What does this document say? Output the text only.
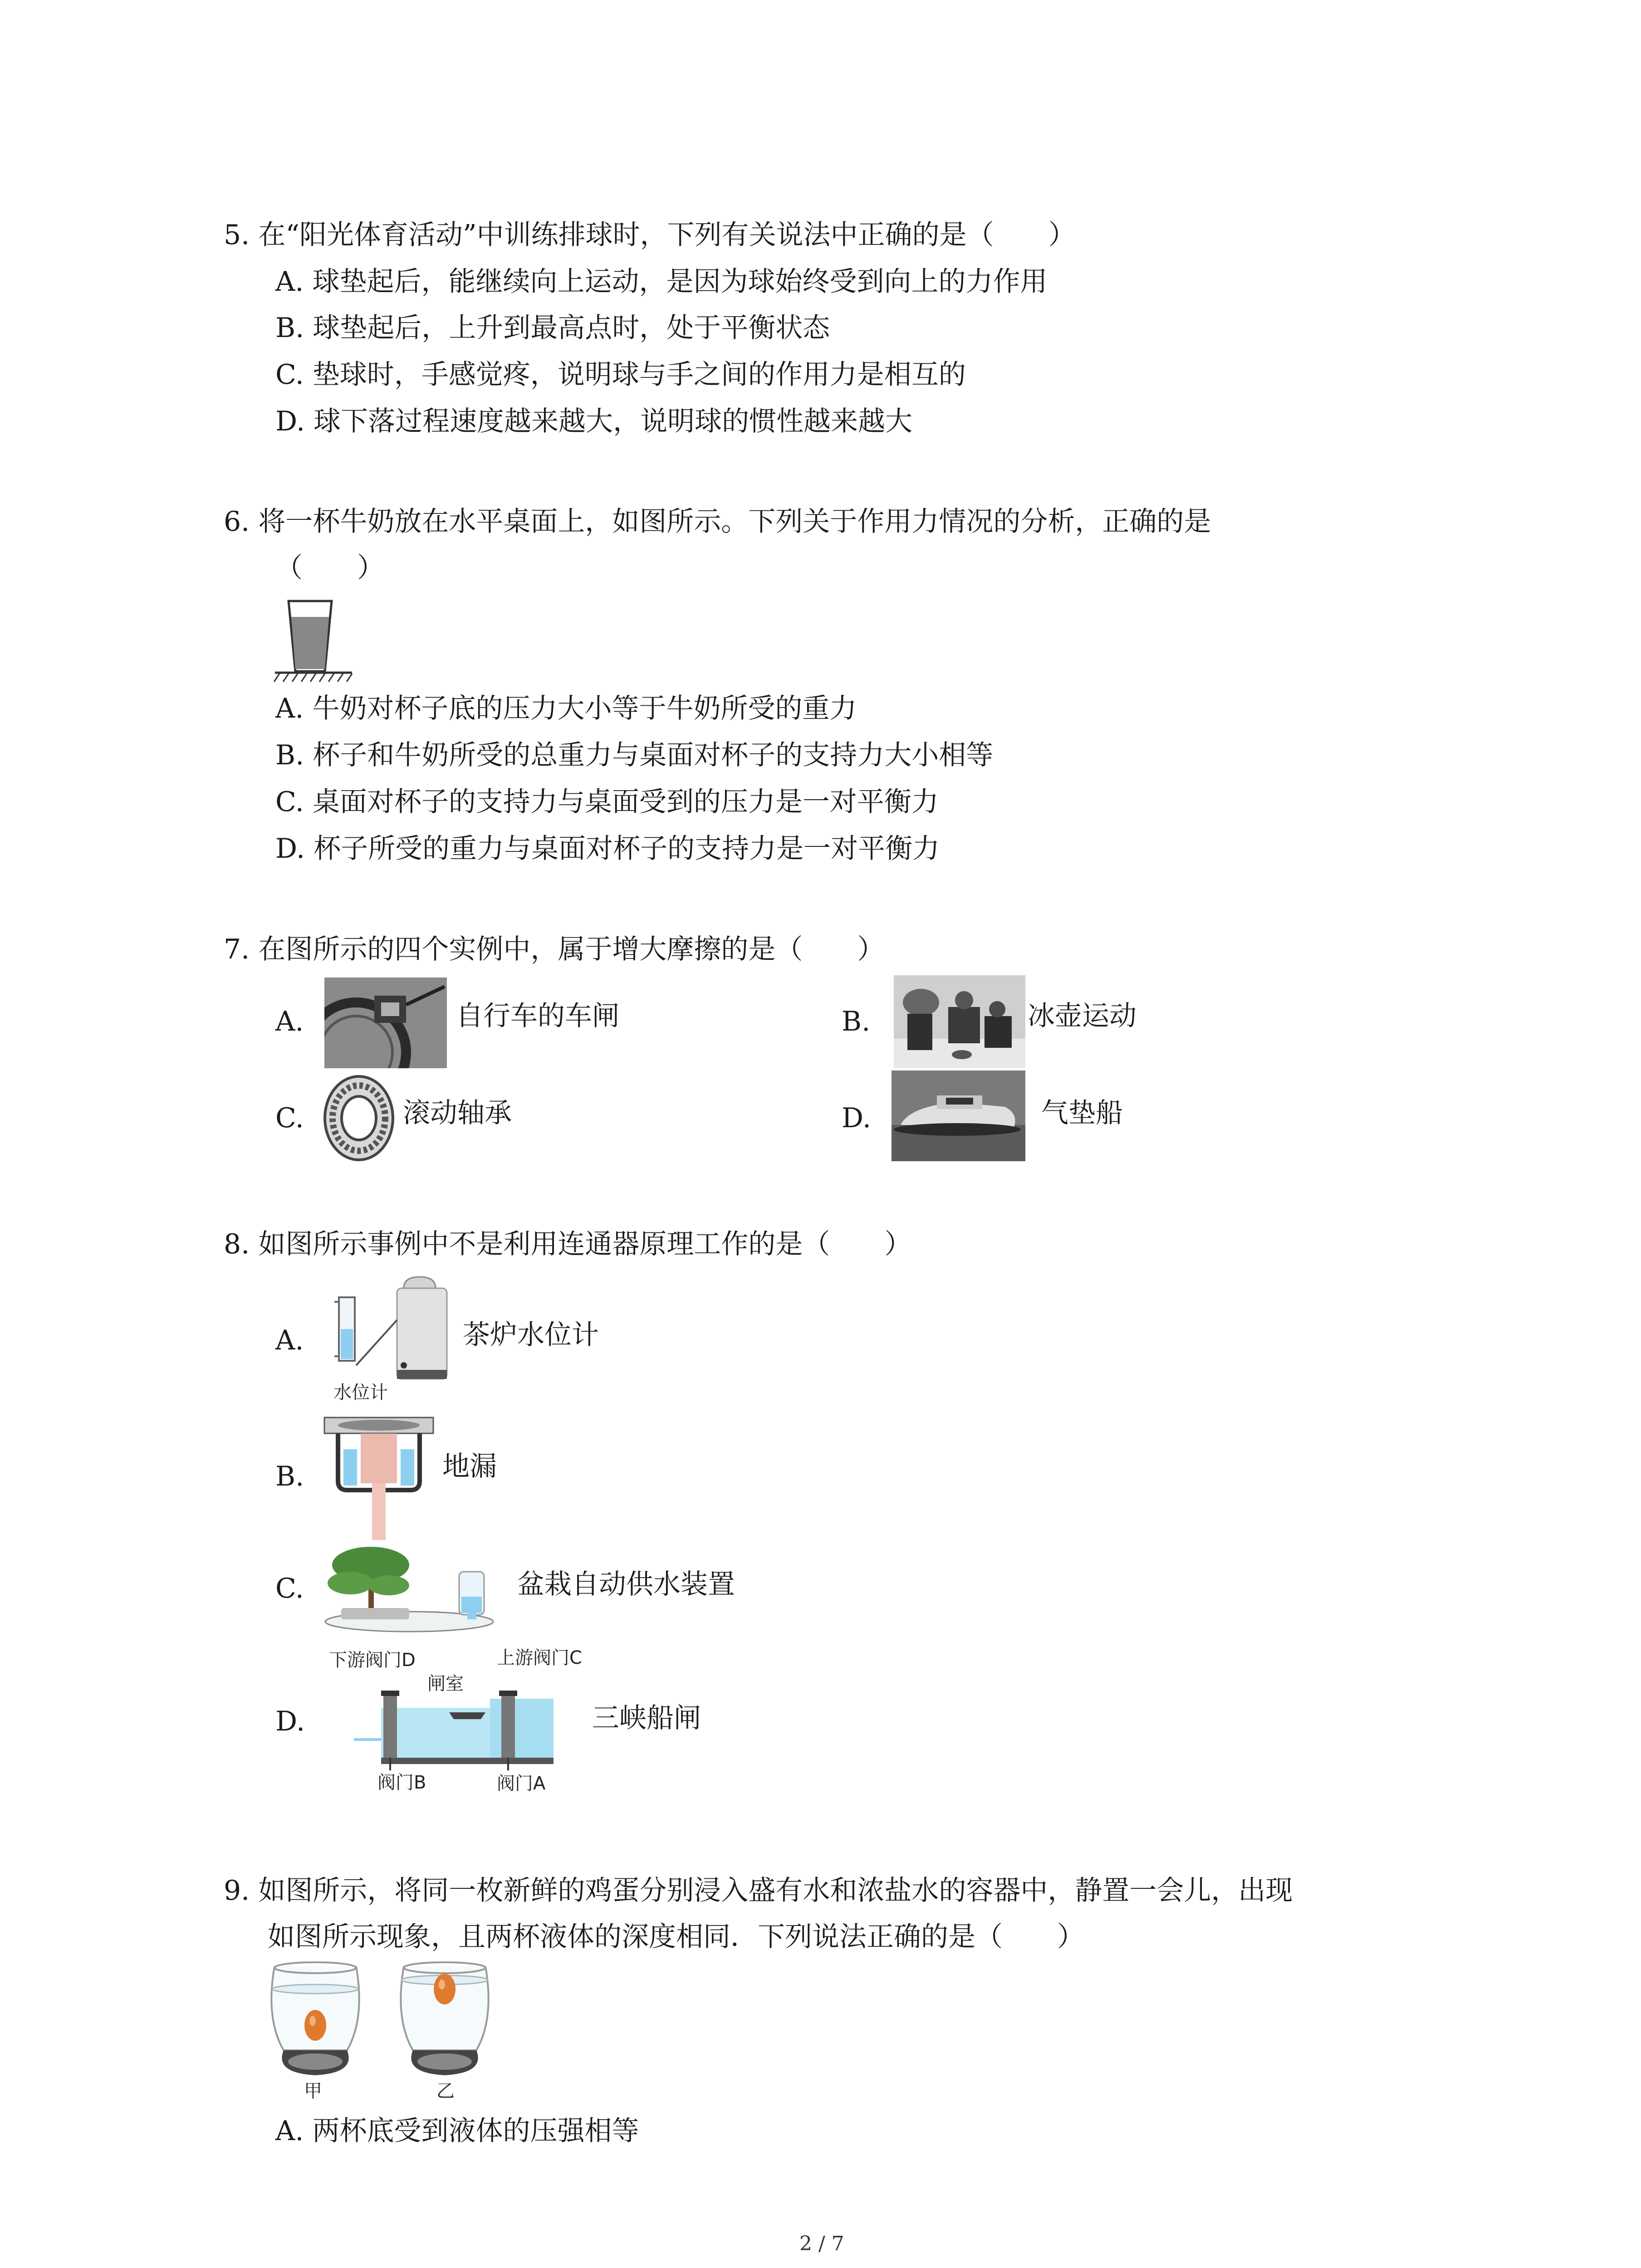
5. 在“阳光体育活动”中训练排球时，下列有关说法中正确的是（　　）
A. 球垫起后，能继续向上运动，是因为球始终受到向上的力作用
B. 球垫起后，上升到最高点时，处于平衡状态
C. 垫球时，手感觉疼，说明球与手之间的作用力是相互的
D. 球下落过程速度越来越大，说明球的惯性越来越大
6. 将一杯牛奶放在水平桌面上，如图所示。下列关于作用力情况的分析，正确的是
（　　）
A. 牛奶对杯子底的压力大小等于牛奶所受的重力
B. 杯子和牛奶所受的总重力与桌面对杯子的支持力大小相等
C. 桌面对杯子的支持力与桌面受到的压力是一对平衡力
D. 杯子所受的重力与桌面对杯子的支持力是一对平衡力
7. 在图所示的四个实例中，属于增大摩擦的是（　　）
A.	自行车的车闸	B.	冰壶运动
C.	滚动轴承	D.	气垫船
8. 如图所示事例中不是利用连通器原理工作的是（　　）
A.
水位计
茶炉水位计
B.	地漏
C.	盆栽自动供水装置
下游阀门D	上游阀门C
闸室
D.
阀门B	阀门A
三峡船闸
9. 如图所示，将同一枚新鲜的鸡蛋分别浸入盛有水和浓盐水的容器中，静置一会儿，出现
如图所示现象，且两杯液体的深度相同．下列说法正确的是（　　）
甲	乙
A. 两杯底受到液体的压强相等
2 / 7
